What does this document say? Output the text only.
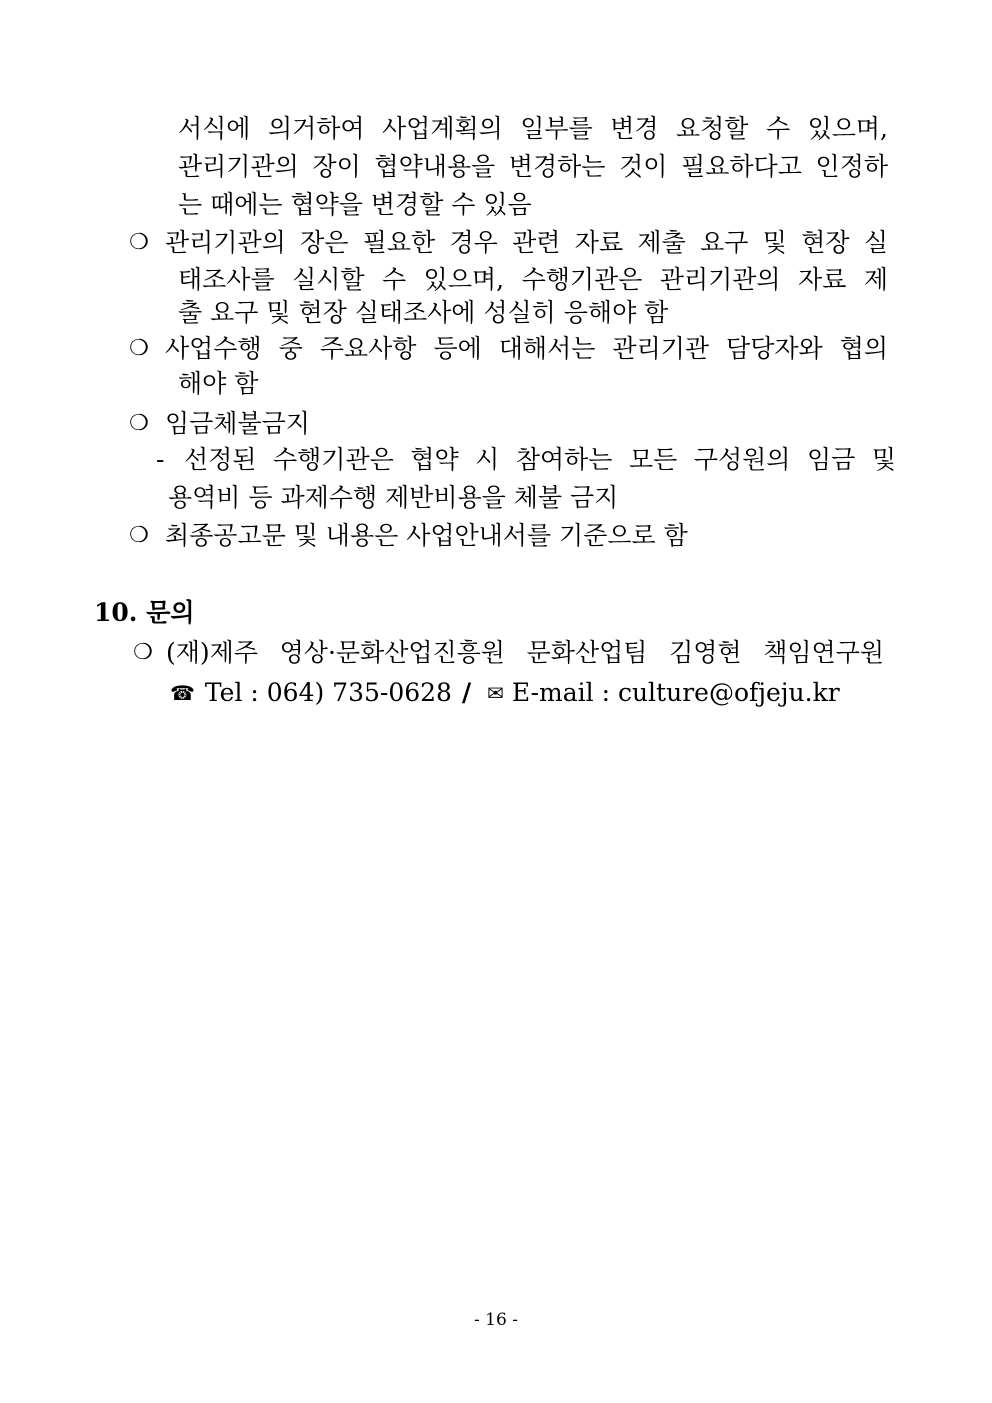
서식에 의거하여 사업계획의 일부를 변경 요청할 수 있으며,
관리기관의 장이 협약내용을 변경하는 것이 필요하다고 인정하
는 때에는 협약을 변경할 수 있음
❍ 관리기관의 장은 필요한 경우 관련 자료 제출 요구 및 현장 실
태조사를 실시할 수 있으며, 수행기관은 관리기관의 자료 제
출 요구 및 현장 실태조사에 성실히 응해야 함
❍ 사업수행 중 주요사항 등에 대해서는 관리기관 담당자와 협의
해야 함
❍ 임금체불금지
- 선정된 수행기관은 협약 시 참여하는 모든 구성원의 임금 및
용역비 등 과제수행 제반비용을 체불 금지
❍ 최종공고문 및 내용은 사업안내서를 기준으로 함
10. 문의
❍ (재)제주 영상·문화산업진흥원 문화산업팀 김영현 책임연구원
☎ Tel : 064) 735-0628 / ✉ E-mail : culture@ofjeju.kr
- 16 -
